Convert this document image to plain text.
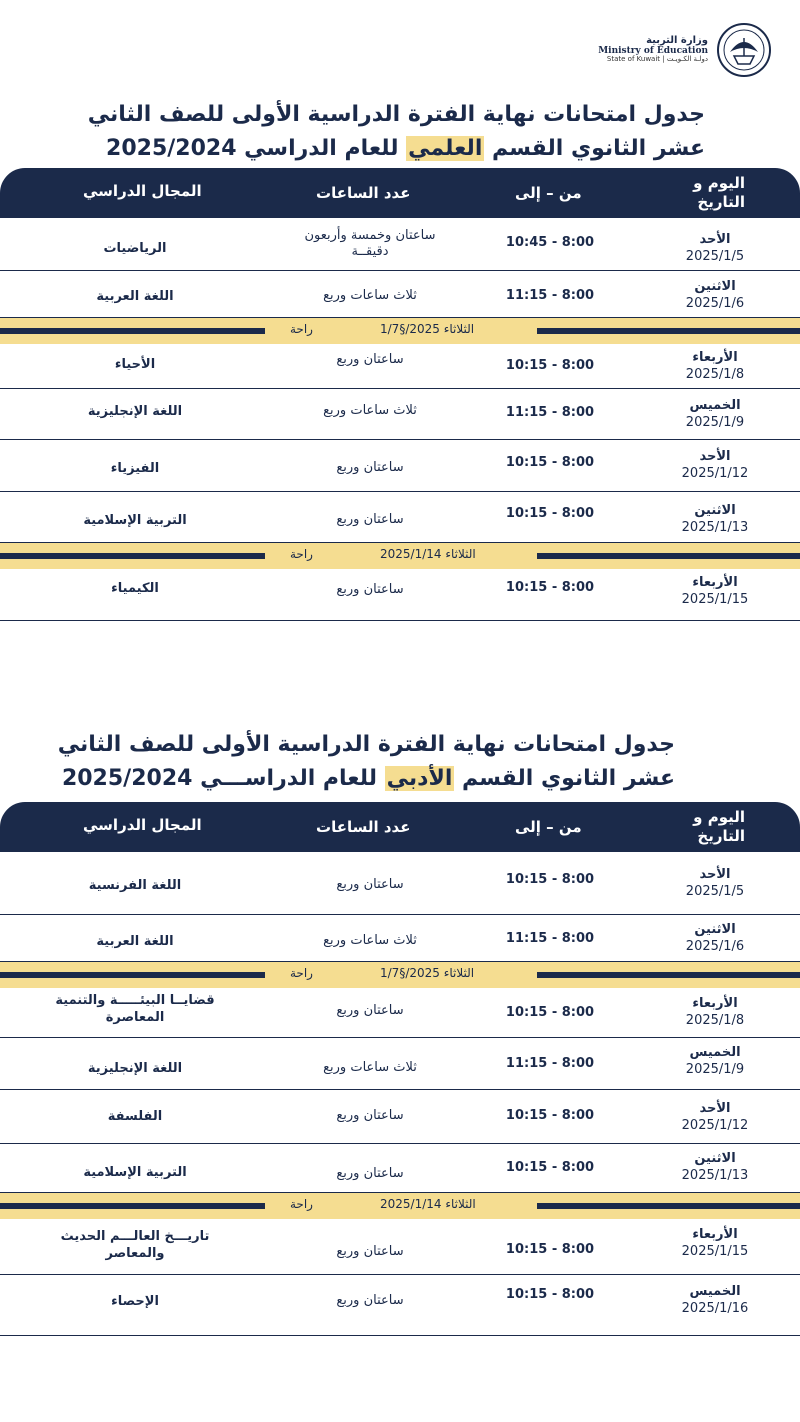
وزارة التربية
Ministry of Education
State of Kuwait | دولـة الكـويـت
جدول امتحانات نهاية الفترة الدراسية الأولى للصف الثاني
عشر الثانوي القسم العلمي للعام الدراسي 2025/2024
اليوم و التاريخ
من – إلى
عدد الساعات
المجال الدراسي
الأحد
2025/1/5
10:45 - 8:00
ساعتان وخمسة وأربعون دقيقــة
الرياضيات
الاثنين
2025/1/6
11:15 - 8:00
ثلاث ساعات وربع
اللغة العربية
الثلاثاء 2025/§1/7
راحة
الأربعاء
2025/1/8
10:15 - 8:00
ساعتان وربع
الأحياء
الخميس
2025/1/9
11:15 - 8:00
ثلاث ساعات وربع
اللغة الإنجليزية
الأحد
2025/1/12
10:15 - 8:00
ساعتان وربع
الفيزياء
الاثنين
2025/1/13
10:15 - 8:00
ساعتان وربع
التربية الإسلامية
الثلاثاء 2025/1/14
راحة
الأربعاء
2025/1/15
10:15 - 8:00
ساعتان وربع
الكيمياء
جدول امتحانات نهاية الفترة الدراسية الأولى للصف الثاني
عشر الثانوي القسم الأدبي للعام الدراســـي 2025/2024
اليوم و التاريخ
من – إلى
عدد الساعات
المجال الدراسي
الأحد
2025/1/5
10:15 - 8:00
ساعتان وربع
اللغة الفرنسية
الاثنين
2025/1/6
11:15 - 8:00
ثلاث ساعات وربع
اللغة العربية
الثلاثاء 2025/§1/7
راحة
الأربعاء
2025/1/8
10:15 - 8:00
ساعتان وربع
قضايــا البيئـــــة والتنمية المعاصرة
الخميس
2025/1/9
11:15 - 8:00
ثلاث ساعات وربع
اللغة الإنجليزية
الأحد
2025/1/12
10:15 - 8:00
ساعتان وربع
الفلسفة
الاثنين
2025/1/13
10:15 - 8:00
ساعتان وربع
التربية الإسلامية
الثلاثاء 2025/1/14
راحة
الأربعاء
2025/1/15
10:15 - 8:00
ساعتان وربع
تاريـــخ العالـــم الحديث والمعاصر
الخميس
2025/1/16
10:15 - 8:00
ساعتان وربع
الإحصاء
